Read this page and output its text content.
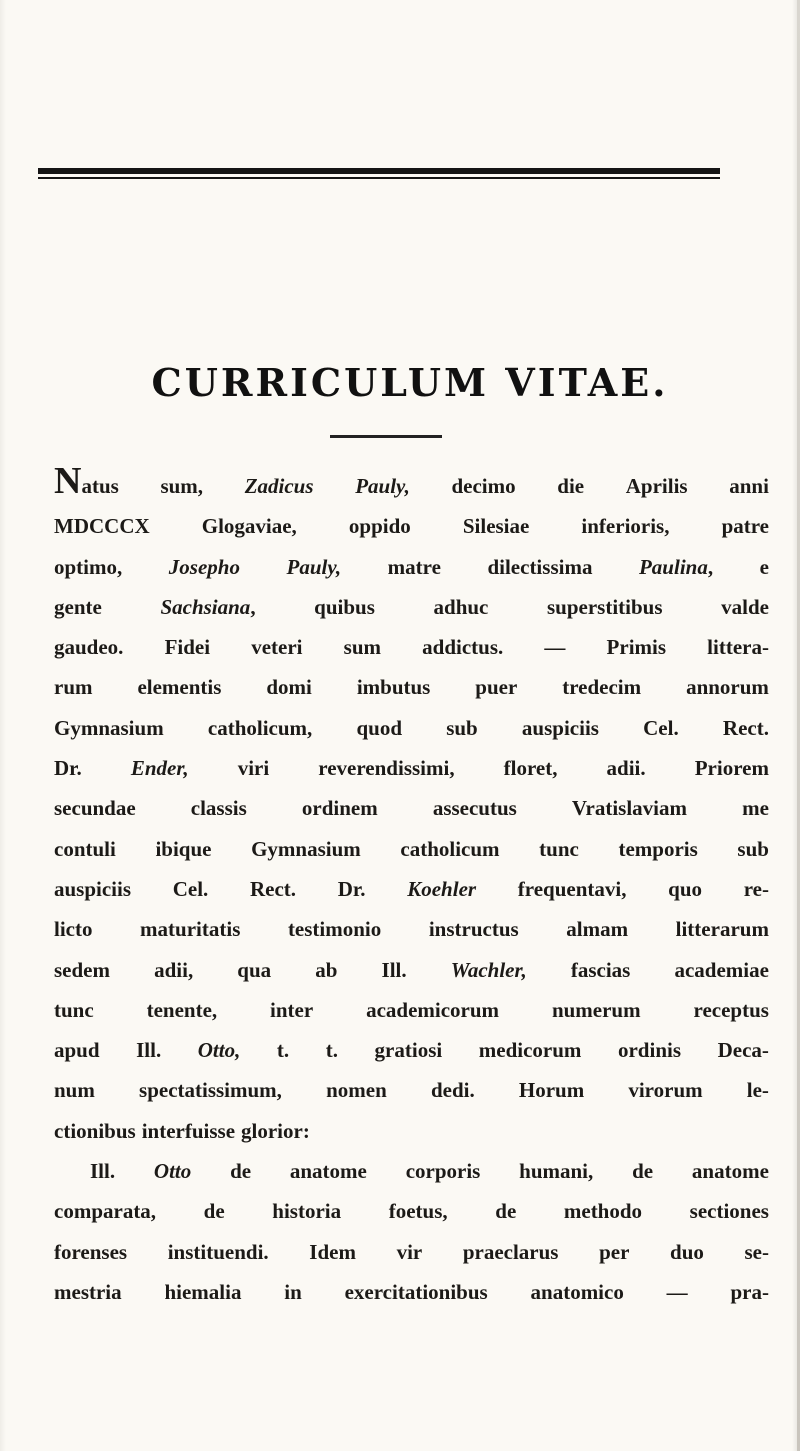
CURRICULUM VITAE.
Natus sum, Zadicus Pauly, decimo die Aprilis anni
MDCCCX Glogaviae, oppido Silesiae inferioris, patre
optimo, Josepho Pauly, matre dilectissima Paulina, e
gente	Sachsiana,	quibus	adhuc	superstitibus	valde
gaudeo. Fidei veteri sum addictus. — Primis littera-
rum elementis domi imbutus puer tredecim annorum
Gymnasium catholicum, quod sub auspiciis Cel. Rect.
Dr. Ender, viri reverendissimi, floret, adii. Priorem
secundae	classis	ordinem	assecutus	Vratislaviam	me
contuli ibique Gymnasium catholicum tunc temporis sub
auspiciis Cel. Rect. Dr. Koehler frequentavi, quo re-
licto maturitatis testimonio instructus almam litterarum
sedem adii, qua ab Ill. Wachler, fascias academiae
tunc	tenente,	inter	academicorum	numerum	receptus
apud Ill. Otto, t. t. gratiosi medicorum ordinis Deca-
num spectatissimum, nomen dedi. Horum virorum le-
ctionibus interfuisse glorior:
Ill. Otto de anatome corporis humani, de anatome
comparata, de historia foetus, de methodo sectiones
forenses instituendi. Idem vir praeclarus per duo se-
mestria hiemalia in exercitationibus anatomico — pra-
